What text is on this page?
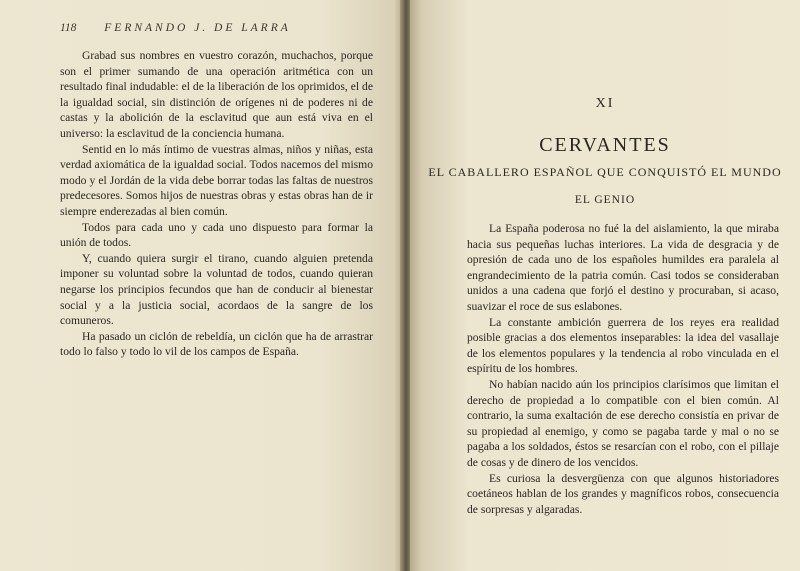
118 FERNANDO J. DE LARRA

Grabad sus nombres en vuestro corazón, muchachos, porque son el primer sumando de una operación aritmética con un resultado final indudable: el de la liberación de los oprimidos, el de la igualdad social, sin distinción de orígenes ni de poderes ni de castas y la abolición de la esclavitud que aun está viva en el universo: la esclavitud de la conciencia humana.

Sentid en lo más íntimo de vuestras almas, niños y niñas, esta verdad axiomática de la igualdad social. Todos nacemos del mismo modo y el Jordán de la vida debe borrar todas las faltas de nuestros predecesores. Somos hijos de nuestras obras y estas obras han de ir siempre enderezadas al bien común.

Todos para cada uno y cada uno dispuesto para formar la unión de todos.

Y, cuando quiera surgir el tirano, cuando alguien pretenda imponer su voluntad sobre la voluntad de todos, cuando quieran negarse los principios fecundos que han de conducir al bienestar social y a la justicia social, acordaos de la sangre de los comuneros.

Ha pasado un ciclón de rebeldía, un ciclón que ha de arrastrar todo lo falso y todo lo vil de los campos de España.

XI
CERVANTES
EL CABALLERO ESPAÑOL QUE CONQUISTÓ EL MUNDO
EL GENIO

La España poderosa no fué la del aislamiento, la que miraba hacia sus pequeñas luchas interiores. La vida de desgracia y de opresión de cada uno de los españoles humildes era paralela al engrandecimiento de la patria común. Casi todos se consideraban unidos a una cadena que forjó el destino y procuraban, si acaso, suavizar el roce de sus eslabones.

La constante ambición guerrera de los reyes era realidad posible gracias a dos elementos inseparables: la idea del vasallaje de los elementos populares y la tendencia al robo vinculada en el espíritu de los hombres.

No habían nacido aún los principios clarísimos que limitan el derecho de propiedad a lo compatible con el bien común. Al contrario, la suma exaltación de ese derecho consistía en privar de su propiedad al enemigo, y como se pagaba tarde y mal o no se pagaba a los soldados, éstos se resarcían con el robo, con el pillaje de cosas y de dinero de los vencidos.

Es curiosa la desvergüenza con que algunos historiadores coetáneos hablan de los grandes y magníficos robos, consecuencia de sorpresas y algaradas.
